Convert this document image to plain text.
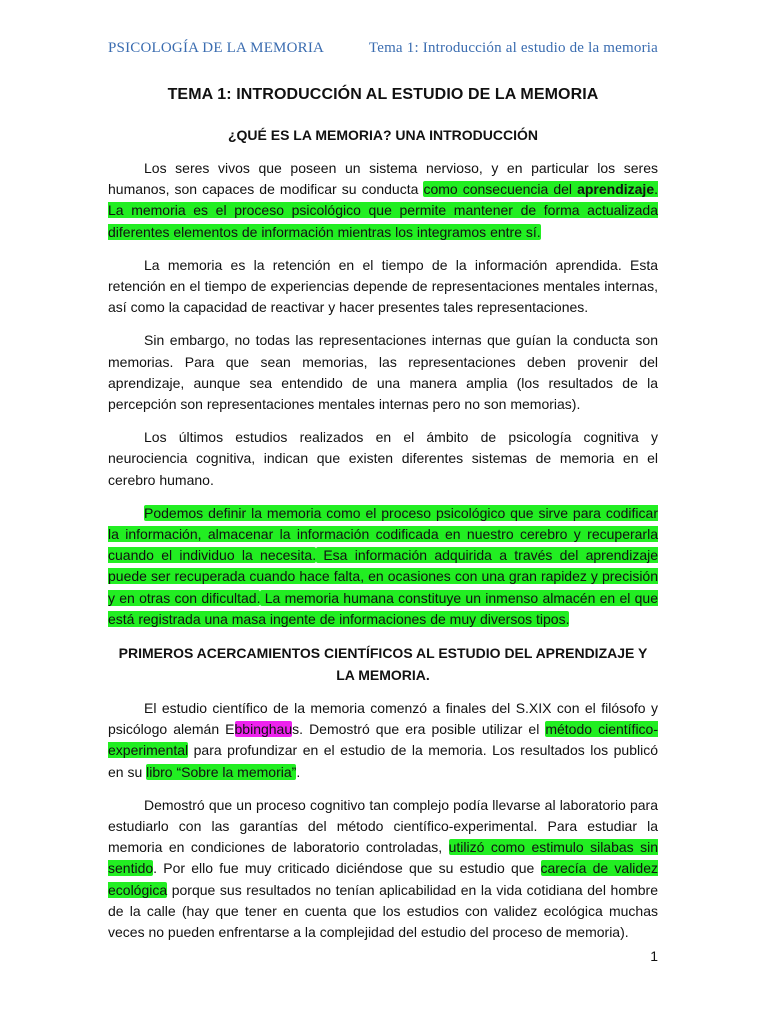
PSICOLOGÍA DE LA MEMORIA	Tema 1: Introducción al estudio de la memoria
TEMA 1: INTRODUCCIÓN AL ESTUDIO DE LA MEMORIA
¿QUÉ ES LA MEMORIA? UNA INTRODUCCIÓN

Los seres vivos que poseen un sistema nervioso, y en particular los seres humanos, son capaces de modificar su conducta como consecuencia del aprendizaje. La memoria es el proceso psicológico que permite mantener de forma actualizada diferentes elementos de información mientras los integramos entre sí.

La memoria es la retención en el tiempo de la información aprendida. Esta retención en el tiempo de experiencias depende de representaciones mentales internas, así como la capacidad de reactivar y hacer presentes tales representaciones.

Sin embargo, no todas las representaciones internas que guían la conducta son memorias. Para que sean memorias, las representaciones deben provenir del aprendizaje, aunque sea entendido de una manera amplia (los resultados de la percepción son representaciones mentales internas pero no son memorias).

Los últimos estudios realizados en el ámbito de psicología cognitiva y neurociencia cognitiva, indican que existen diferentes sistemas de memoria en el cerebro humano.

Podemos definir la memoria como el proceso psicológico que sirve para codificar la información, almacenar la información codificada en nuestro cerebro y recuperarla cuando el individuo la necesita. Esa información adquirida a través del aprendizaje puede ser recuperada cuando hace falta, en ocasiones con una gran rapidez y precisión y en otras con dificultad. La memoria humana constituye un inmenso almacén en el que está registrada una masa ingente de informaciones de muy diversos tipos.

PRIMEROS ACERCAMIENTOS CIENTÍFICOS AL ESTUDIO DEL APRENDIZAJE Y LA MEMORIA.

El estudio científico de la memoria comenzó a finales del S.XIX con el filósofo y psicólogo alemán Ebbinghaus. Demostró que era posible utilizar el método científico-experimental para profundizar en el estudio de la memoria. Los resultados los publicó en su libro “Sobre la memoria”.

Demostró que un proceso cognitivo tan complejo podía llevarse al laboratorio para estudiarlo con las garantías del método científico-experimental. Para estudiar la memoria en condiciones de laboratorio controladas, utilizó como estimulo silabas sin sentido. Por ello fue muy criticado diciéndose que su estudio que carecía de validez ecológica porque sus resultados no tenían aplicabilidad en la vida cotidiana del hombre de la calle (hay que tener en cuenta que los estudios con validez ecológica muchas veces no pueden enfrentarse a la complejidad del estudio del proceso de memoria).

1
